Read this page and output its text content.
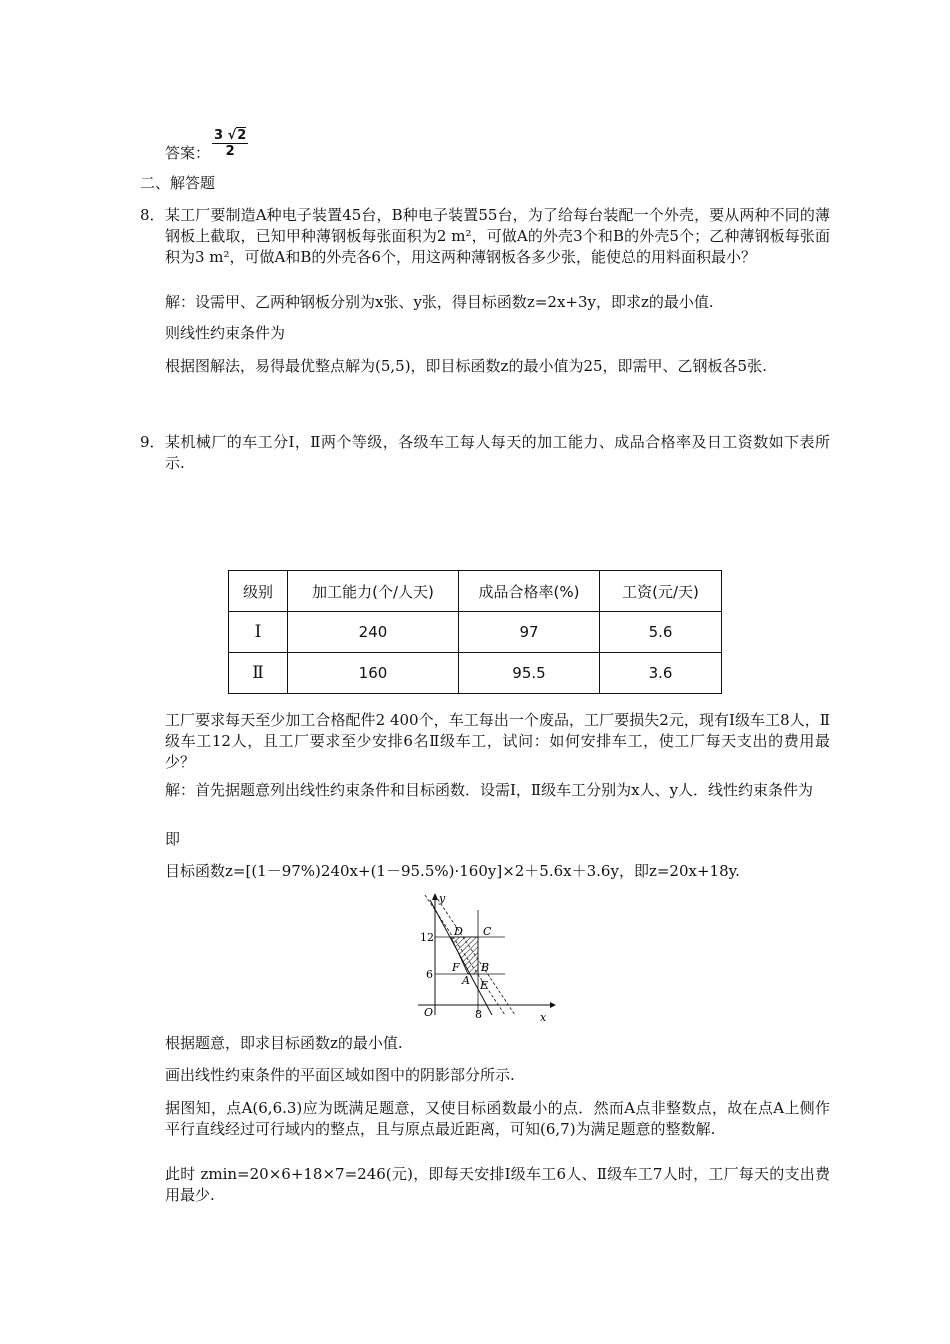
答案： $\frac{3 √2}{2}$
二、解答题
8． 某工厂要制造A种电子装置45台，B种电子装置55台，为了给每台装配一个外壳，要从两种不同的薄钢板上截取，已知甲种薄钢板每张面积为2 m²，可做A的外壳3个和B的外壳5个；乙种薄钢板每张面积为3 m²，可做A和B的外壳各6个，用这两种薄钢板各多少张，能使总的用料面积最小？
解：设需甲、乙两种钢板分别为x张、y张，得目标函数z=2x+3y，即求z的最小值.
则线性约束条件为
根据图解法，易得最优整点解为(5,5)，即目标函数z的最小值为25，即需甲、乙钢板各5张.
9． 某机械厂的车工分Ⅰ，Ⅱ两个等级，各级车工每人每天的加工能力、成品合格率及日工资数如下表所示.
级别	加工能力(个/人天)	成品合格率(%)	工资(元/天)
Ⅰ	240	97	5.6
Ⅱ	160	95.5	3.6
工厂要求每天至少加工合格配件2 400个，车工每出一个废品，工厂要损失2元，现有Ⅰ级车工8人，Ⅱ级车工12人，且工厂要求至少安排6名Ⅱ级车工，试问：如何安排车工，使工厂每天支出的费用最少？
解：首先据题意列出线性约束条件和目标函数．设需Ⅰ，Ⅱ级车工分别为x人、y人．线性约束条件为
即
目标函数z=[(1－97%)240x+(1－95.5%)·160y]×2＋5.6x＋3.6y，即z=20x+18y.
y
x
O	8
12
6
D C
F B
A E
根据题意，即求目标函数z的最小值.
画出线性约束条件的平面区域如图中的阴影部分所示.
据图知，点A(6,6.3)应为既满足题意，又使目标函数最小的点．然而A点非整数点，故在点A上侧作平行直线经过可行域内的整点，且与原点最近距离，可知(6,7)为满足题意的整数解.
此时 zmin=20×6+18×7=246(元)，即每天安排Ⅰ级车工6人、Ⅱ级车工7人时，工厂每天的支出费用最少.
